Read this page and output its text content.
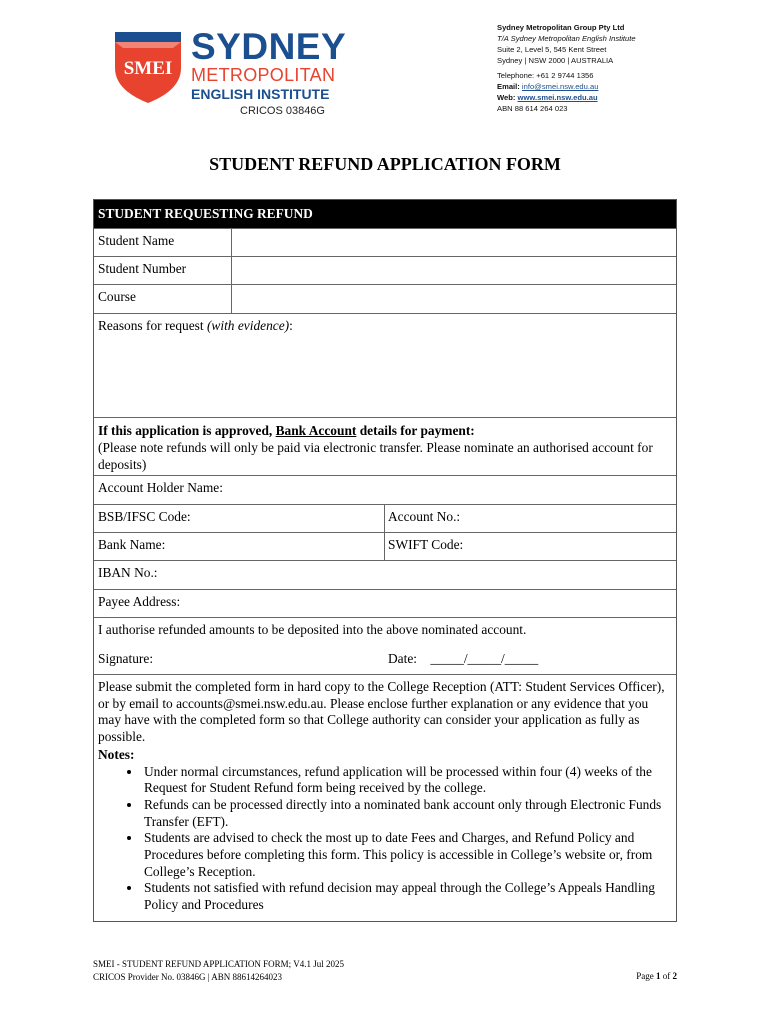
SMEI
SYDNEY
METROPOLITAN
ENGLISH INSTITUTE
CRICOS 03846G
Sydney Metropolitan Group Pty Ltd
T/A Sydney Metropolitan English Institute
Suite 2, Level 5, 545 Kent Street
Sydney | NSW 2000 | AUSTRALIA
Telephone: +61 2 9744 1356
Email: info@smei.nsw.edu.au
Web: www.smei.nsw.edu.au
ABN 88 614 264 023
STUDENT REFUND APPLICATION FORM
STUDENT REQUESTING REFUND
Student Name
Student Number
Course
Reasons for request (with evidence):
If this application is approved, Bank Account details for payment:
(Please note refunds will only be paid via electronic transfer. Please nominate an authorised account for deposits)
Account Holder Name:
BSB/IFSC Code:	Account No.:
Bank Name:	SWIFT Code:
IBAN No.:
Payee Address:
I authorise refunded amounts to be deposited into the above nominated account.
Signature:	Date: _____/_____/_____
Please submit the completed form in hard copy to the College Reception (ATT: Student Services Officer), or by email to accounts@smei.nsw.edu.au. Please enclose further explanation or any evidence that you may have with the completed form so that College authority can consider your application as fully as possible.
Notes:
• Under normal circumstances, refund application will be processed within four (4) weeks of the Request for Student Refund form being received by the college.
• Refunds can be processed directly into a nominated bank account only through Electronic Funds Transfer (EFT).
• Students are advised to check the most up to date Fees and Charges, and Refund Policy and Procedures before completing this form. This policy is accessible in College’s website or, from College’s Reception.
• Students not satisfied with refund decision may appeal through the College’s Appeals Handling Policy and Procedures
SMEI - STUDENT REFUND APPLICATION FORM; V4.1 Jul 2025
CRICOS Provider No. 03846G | ABN 88614264023	Page 1 of 2
